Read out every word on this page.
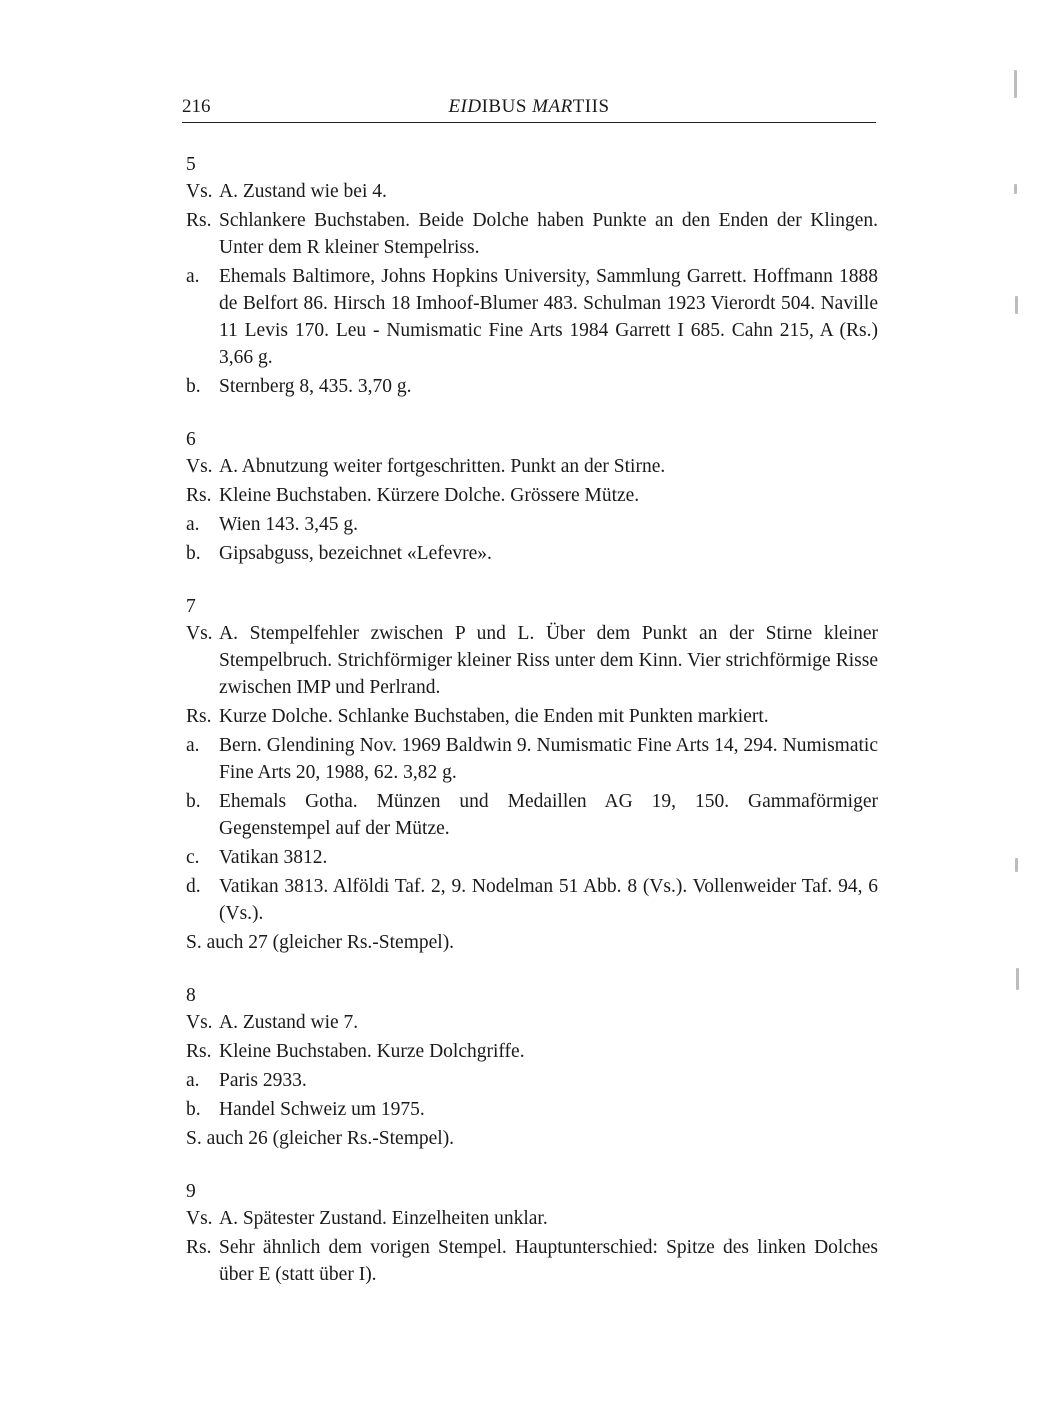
216	EIDIBUS MARTIIS
5
Vs. A. Zustand wie bei 4.
Rs. Schlankere Buchstaben. Beide Dolche haben Punkte an den Enden der Klingen. Unter dem R kleiner Stempelriss.
a. Ehemals Baltimore, Johns Hopkins University, Sammlung Garrett. Hoffmann 1888 de Belfort 86. Hirsch 18 Imhoof-Blumer 483. Schulman 1923 Vierordt 504. Naville 11 Levis 170. Leu - Numismatic Fine Arts 1984 Garrett I 685. Cahn 215, A (Rs.) 3,66 g.
b. Sternberg 8, 435. 3,70 g.
6
Vs. A. Abnutzung weiter fortgeschritten. Punkt an der Stirne.
Rs. Kleine Buchstaben. Kürzere Dolche. Grössere Mütze.
a. Wien 143. 3,45 g.
b. Gipsabguss, bezeichnet «Lefevre».
7
Vs. A. Stempelfehler zwischen P und L. Über dem Punkt an der Stirne kleiner Stempelbruch. Strichförmiger kleiner Riss unter dem Kinn. Vier strichförmige Risse zwischen IMP und Perlrand.
Rs. Kurze Dolche. Schlanke Buchstaben, die Enden mit Punkten markiert.
a. Bern. Glendining Nov. 1969 Baldwin 9. Numismatic Fine Arts 14, 294. Numismatic Fine Arts 20, 1988, 62. 3,82 g.
b. Ehemals Gotha. Münzen und Medaillen AG 19, 150. Gammaförmiger Gegenstempel auf der Mütze.
c. Vatikan 3812.
d. Vatikan 3813. Alföldi Taf. 2, 9. Nodelman 51 Abb. 8 (Vs.). Vollenweider Taf. 94, 6 (Vs.).
S. auch 27 (gleicher Rs.-Stempel).
8
Vs. A. Zustand wie 7.
Rs. Kleine Buchstaben. Kurze Dolchgriffe.
a. Paris 2933.
b. Handel Schweiz um 1975.
S. auch 26 (gleicher Rs.-Stempel).
9
Vs. A. Spätester Zustand. Einzelheiten unklar.
Rs. Sehr ähnlich dem vorigen Stempel. Hauptunterschied: Spitze des linken Dolches über E (statt über I).
